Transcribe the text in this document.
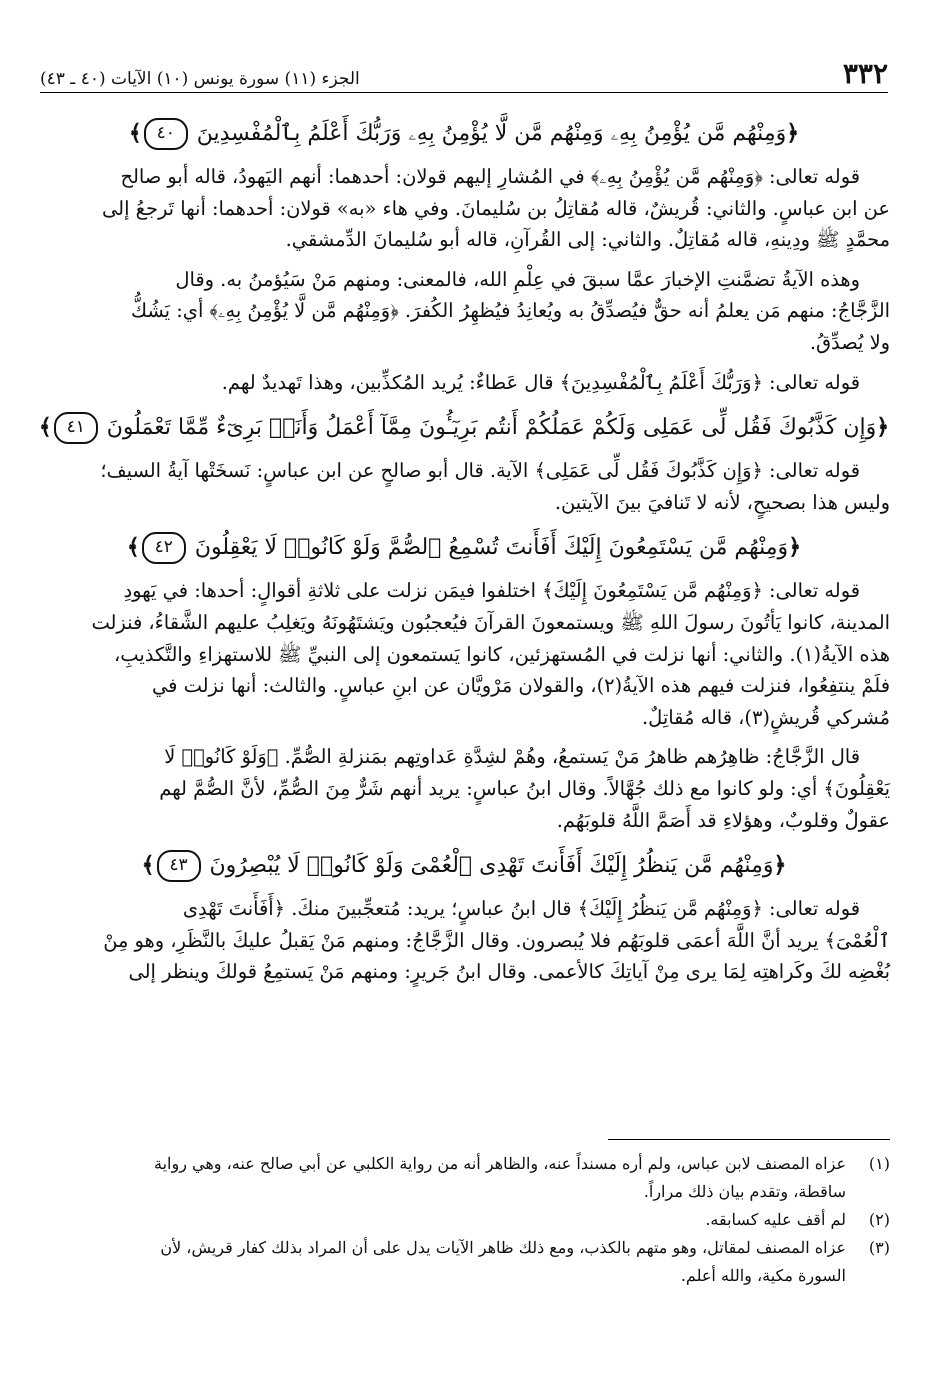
٣٣٢
الجزء (١١) سورة يونس (١٠) الآيات (٤٠ ـ ٤٣)

﴿وَمِنْهُم مَّن يُؤْمِنُ بِهِۦ وَمِنْهُم مَّن لَّا يُؤْمِنُ بِهِۦ وَرَبُّكَ أَعْلَمُ بِٱلْمُفْسِدِينَ ٤٠﴾

قوله تعالى: ﴿وَمِنْهُم مَّن يُؤْمِنُ بِهِۦ﴾ في المُشارِ إليهم قولان: أحدهما: أنهم اليَهودُ، قاله أبو صالح
عن ابن عباسٍ. والثاني: قُريشٌ، قاله مُقاتِلُ بن سُليمانَ. وفي هاء «به» قولان: أحدهما: أنها تَرجعُ إلى
محمَّدٍ ﷺ ودِينهِ، قاله مُقاتِلٌ. والثاني: إلى القُرآنِ، قاله أبو سُليمانَ الدِّمشقي.

وهذه الآيةُ تضمَّنتِ الإخبارَ عمَّا سبقَ في عِلْمِ الله، فالمعنى: ومنهم مَنْ سَيُؤمنُ به. وقال
الزَّجَّاجُ: منهم مَن يعلمُ أنه حقٌّ فيُصدِّقُ به ويُعانِدُ فيُظهِرُ الكُفرَ. ﴿وَمِنْهُم مَّن لَّا يُؤْمِنُ بِهِۦ﴾ أي: يَشُكُّ
ولا يُصدِّقُ.

قوله تعالى: ﴿وَرَبُّكَ أَعْلَمُ بِٱلْمُفْسِدِينَ﴾ قال عَطاءٌ: يُريد المُكذِّبين، وهذا تَهديدٌ لهم.

﴿وَإِن كَذَّبُوكَ فَقُل لِّى عَمَلِى وَلَكُمْ عَمَلُكُمْ أَنتُم بَرِيٓـُٔونَ مِمَّآ أَعْمَلُ وَأَنَا۠ بَرِىٓءٌ مِّمَّا تَعْمَلُونَ ٤١﴾

قوله تعالى: ﴿وَإِن كَذَّبُوكَ فَقُل لِّى عَمَلِى﴾ الآية. قال أبو صالحٍ عن ابن عباسٍ: نَسخَتْها آيةُ السيف؛
وليس هذا بصحيحٍ، لأنه لا تَنافيَ بينَ الآيتين.

﴿وَمِنْهُم مَّن يَسْتَمِعُونَ إِلَيْكَ أَفَأَنتَ تُسْمِعُ ٱلصُّمَّ وَلَوْ كَانُوا۟ لَا يَعْقِلُونَ ٤٢﴾

قوله تعالى: ﴿وَمِنْهُم مَّن يَسْتَمِعُونَ إِلَيْكَ﴾ اختلفوا فيمَن نزلت على ثلاثةِ أقوالٍ: أحدها: في يَهودِ
المدينة، كانوا يَأتُونَ رسولَ اللهِ ﷺ ويستمعونَ القرآنَ فيُعجبُون ويَشتَهُونَهُ ويَغلِبُ عليهم الشَّقاءُ، فنزلت
هذه الآيةُ(١). والثاني: أنها نزلت في المُستهزئين، كانوا يَستمعون إلى النبيِّ ﷺ للاستهزاءِ والتَّكذيبِ،
فلَمْ ينتفِعُوا، فنزلت فيهم هذه الآيةُ(٢)، والقولان مَرْويَّان عن ابنِ عباسٍ. والثالث: أنها نزلت في
مُشركي قُريشٍ(٣)، قاله مُقاتِلٌ.

قال الزَّجَّاجُ: ظاهِرُهم ظاهرُ مَنْ يَستمعُ، وهُمْ لشِدَّةِ عَداوتِهم بمَنزلةِ الصُّمِّ. ﴿وَلَوْ كَانُوا۟ لَا
يَعْقِلُونَ﴾ أي: ولو كانوا مع ذلك جُهَّالاً. وقال ابنُ عباسٍ: يريد أنهم شَرٌّ مِنَ الصُّمِّ، لأنَّ الصُّمَّ لهم
عقولٌ وقلوبٌ، وهؤلاءِ قد أَصَمَّ اللَّهُ قلوبَهُم.

﴿وَمِنْهُم مَّن يَنظُرُ إِلَيْكَ أَفَأَنتَ تَهْدِى ٱلْعُمْىَ وَلَوْ كَانُوا۟ لَا يُبْصِرُونَ ٤٣﴾

قوله تعالى: ﴿وَمِنْهُم مَّن يَنظُرُ إِلَيْكَ﴾ قال ابنُ عباسٍ؛ يريد: مُتعجِّبينَ منكَ. ﴿أَفَأَنتَ تَهْدِى
ٱلْعُمْىَ﴾ يريد أنَّ اللَّهَ أعمَى قلوبَهُم فلا يُبصرون. وقال الزَّجَّاجُ: ومنهم مَنْ يَقبلُ عليكَ بالنَّظَرِ، وهو مِنْ
بُغْضِه لكَ وكَراهتِه لِمَا يرى مِنْ آياتِكَ كالأعمى. وقال ابنُ جَريرٍ: ومنهم مَنْ يَستمِعُ قولكَ وينظر إلى

(١)
عزاه المصنف لابن عباس، ولم أره مسنداً عنه، والظاهر أنه من رواية الكلبي عن أبي صالح عنه، وهي رواية
ساقطة، وتقدم بيان ذلك مراراً.
(٢)
لم أقف عليه كسابقه.
(٣)
عزاه المصنف لمقاتل، وهو متهم بالكذب، ومع ذلك ظاهر الآيات يدل على أن المراد بذلك كفار قريش، لأن
السورة مكية، والله أعلم.
